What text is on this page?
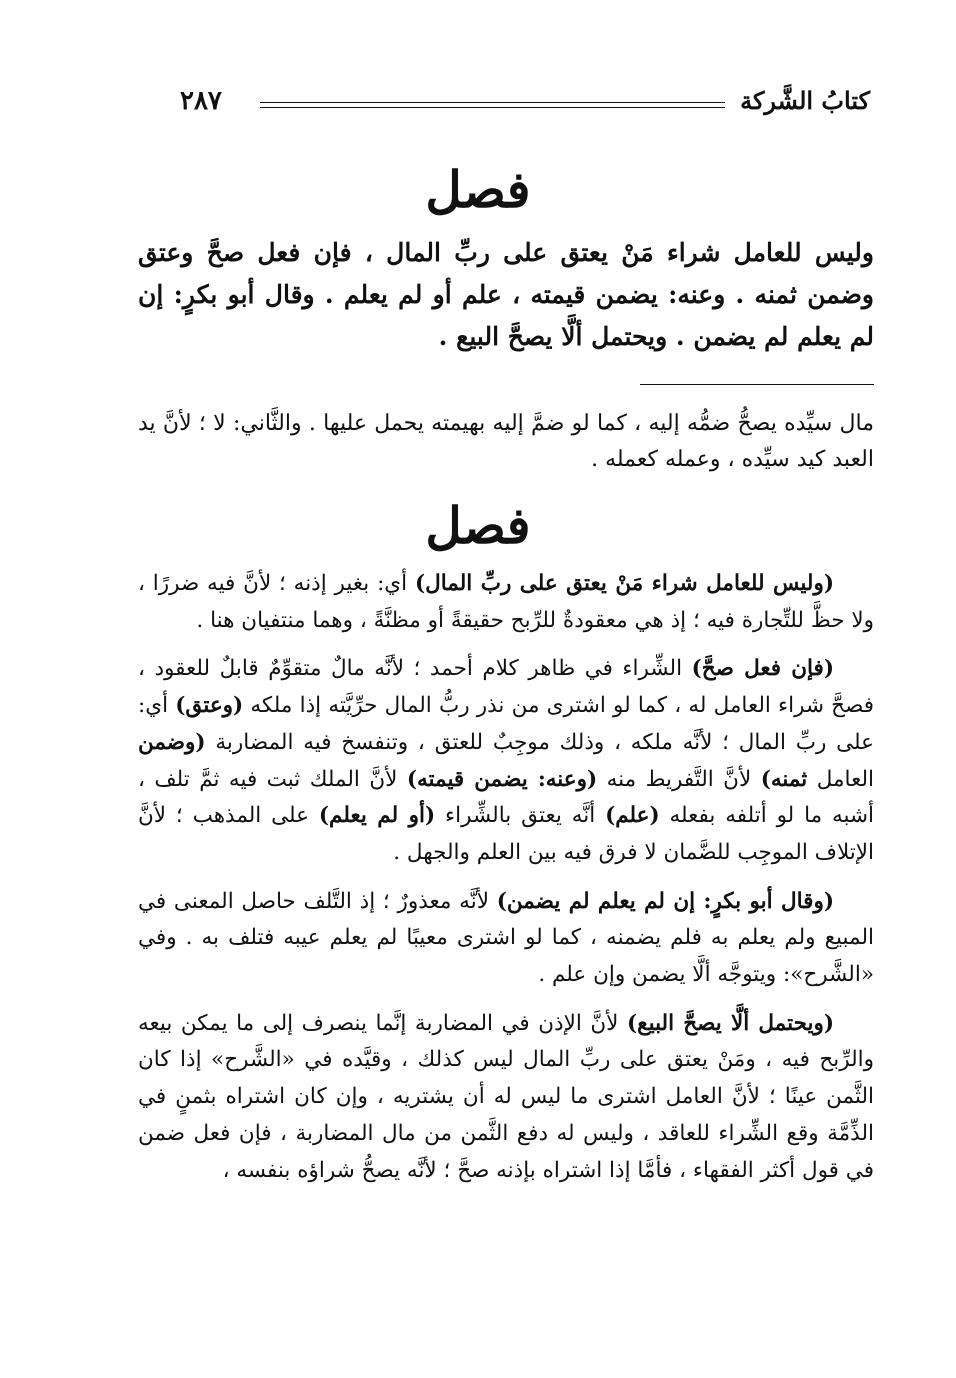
كتابُ الشَّركة
٢٨٧
فصل
وليس للعامل شراء مَنْ يعتق على ربِّ المال ، فإن فعل صحَّ وعتق وضمن ثمنه . وعنه: يضمن قيمته ، علم أو لم يعلم . وقال أبو بكرٍ: إن لم يعلم لم يضمن . ويحتمل ألَّا يصحَّ البيع .
مال سيِّده يصحُّ ضمُّه إليه ، كما لو ضمَّ إليه بهيمته يحمل عليها . والثَّاني: لا ؛ لأنَّ يد العبد كيد سيِّده ، وعمله كعمله .
فصل

(وليس للعامل شراء مَنْ يعتق على ربِّ المال) أي: بغير إذنه ؛ لأنَّ فيه ضررًا ، ولا حظَّ للتِّجارة فيه ؛ إذ هي معقودةٌ للرِّبح حقيقةً أو مظنَّةً ، وهما منتفيان هنا .

(فإن فعل صحَّ) الشِّراء في ظاهر كلام أحمد ؛ لأنَّه مالٌ متقوِّمٌ قابلٌ للعقود ، فصحَّ شراء العامل له ، كما لو اشترى من نذر ربُّ المال حرِّيَّته إذا ملكه (وعتق) أي: على ربِّ المال ؛ لأنَّه ملكه ، وذلك موجِبٌ للعتق ، وتنفسخ فيه المضاربة (وضمن العامل ثمنه) لأنَّ التَّفريط منه (وعنه: يضمن قيمته) لأنَّ الملك ثبت فيه ثمَّ تلف ، أشبه ما لو أتلفه بفعله (علم) أنَّه يعتق بالشِّراء (أو لم يعلم) على المذهب ؛ لأنَّ الإتلاف الموجِب للضَّمان لا فرق فيه بين العلم والجهل .

(وقال أبو بكرٍ: إن لم يعلم لم يضمن) لأنَّه معذورٌ ؛ إذ التَّلف حاصل المعنى في المبيع ولم يعلم به فلم يضمنه ، كما لو اشترى معيبًا لم يعلم عيبه فتلف به . وفي «الشَّرح»: ويتوجَّه ألَّا يضمن وإن علم .

(ويحتمل ألَّا يصحَّ البيع) لأنَّ الإذن في المضاربة إنَّما ينصرف إلى ما يمكن بيعه والرِّبح فيه ، ومَنْ يعتق على ربِّ المال ليس كذلك ، وقيَّده في «الشَّرح» إذا كان الثَّمن عينًا ؛ لأنَّ العامل اشترى ما ليس له أن يشتريه ، وإن كان اشتراه بثمنٍ في الذِّمَّة وقع الشِّراء للعاقد ، وليس له دفع الثَّمن من مال المضاربة ، فإن فعل ضمن في قول أكثر الفقهاء ، فأمَّا إذا اشتراه بإذنه صحَّ ؛ لأنَّه يصحُّ شراؤه بنفسه ،
